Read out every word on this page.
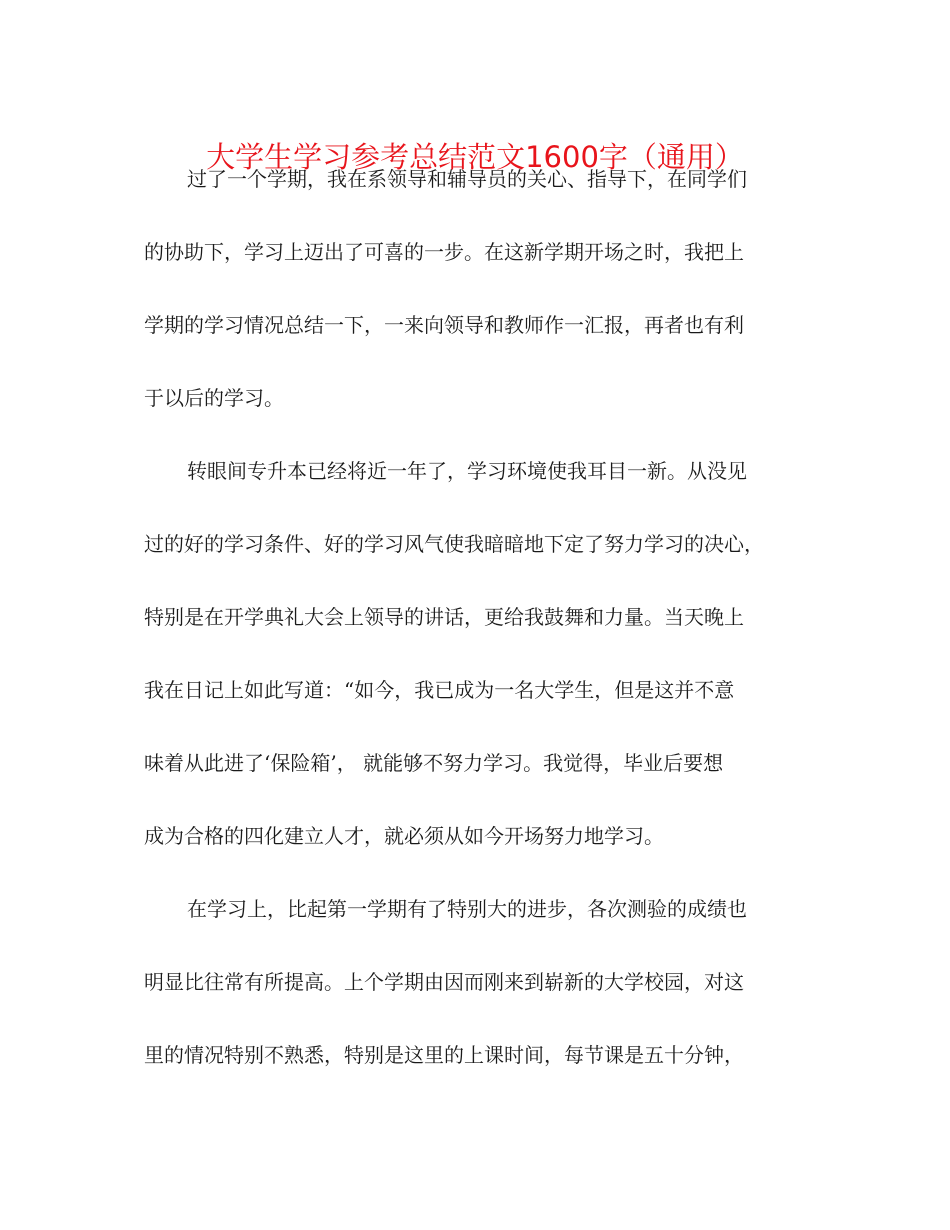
大学生学习参考总结范文1600字（通用）

过了一个学期，我在系领导和辅导员的关心、指导下，在同学们

的协助下，学习上迈出了可喜的一步。在这新学期开场之时，我把上

学期的学习情况总结一下，一来向领导和教师作一汇报，再者也有利

于以后的学习。

转眼间专升本已经将近一年了，学习环境使我耳目一新。从没见

过的好的学习条件、好的学习风气使我暗暗地下定了努力学习的决心，

特别是在开学典礼大会上领导的讲话，更给我鼓舞和力量。当天晚上

我在日记上如此写道：“如今，我已成为一名大学生，但是这并不意

味着从此进了‘保险箱’， 就能够不努力学习。我觉得，毕业后要想

成为合格的四化建立人才，就必须从如今开场努力地学习。

在学习上，比起第一学期有了特别大的进步，各次测验的成绩也

明显比往常有所提高。上个学期由因而刚来到崭新的大学校园，对这

里的情况特别不熟悉，特别是这里的上课时间，每节课是五十分钟，
